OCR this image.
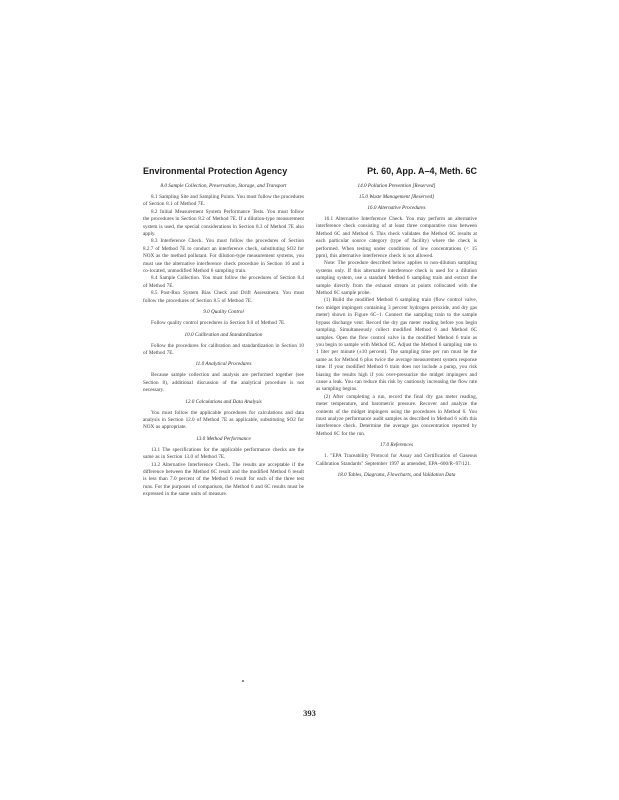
Environmental Protection Agency	Pt. 60, App. A–4, Meth. 6C
8.0 Sample Collection, Preservation, Storage, and Transport

8.1 Sampling Site and Sampling Points. You must follow the procedures of Section 8.1 of Method 7E.

8.2 Initial Measurement System Performance Tests. You must follow the procedures in Section 8.2 of Method 7E. If a dilution-type measurement system is used, the special considerations in Section 8.3 of Method 7E also apply.

8.3 Interference Check. You must follow the procedures of Section 8.2.7 of Method 7E to conduct an interference check, substituting SO2 for NOX as the method pollutant. For dilution-type measurement systems, you must use the alternative interference check procedure in Section 16 and a co-located, unmodified Method 6 sampling train.

8.4 Sample Collection. You must follow the procedures of Section 8.4 of Method 7E.

8.5 Post-Run System Bias Check and Drift Assessment. You must follow the procedures of Section 8.5 of Method 7E.

9.0 Quality Control

Follow quality control procedures in Section 9.0 of Method 7E.

10.0 Calibration and Standardization

Follow the procedures for calibration and standardization in Section 10 of Method 7E.

11.0 Analytical Procedures

Because sample collection and analysis are performed together (see Section 8), additional discussion of the analytical procedure is not necessary.

12.0 Calculations and Data Analysis

You must follow the applicable procedures for calculations and data analysis in Section 12.0 of Method 7E as applicable, substituting SO2 for NOX as appropriate.

13.0 Method Performance

13.1 The specifications for the applicable performance checks are the same as in Section 13.0 of Method 7E.

13.2 Alternative Interference Check. The results are acceptable if the difference between the Method 6C result and the modified Method 6 result is less than 7.0 percent of the Method 6 result for each of the three test runs. For the purposes of comparison, the Method 6 and 6C results must be expressed in the same units of measure.

14.0 Pollution Prevention [Reserved]
15.0 Waste Management [Reserved]
16.0 Alternative Procedures

16.1 Alternative Interference Check. You may perform an alternative interference check consisting of at least three comparative runs between Method 6C and Method 6. This check validates the Method 6C results at each particular source category (type of facility) where the check is performed. When testing under conditions of low concentrations (< 15 ppm), this alternative interference check is not allowed.

Note: The procedure described below applies to non-dilution sampling systems only. If this alternative interference check is used for a dilution sampling system, use a standard Method 6 sampling train and extract the sample directly from the exhaust stream at points collocated with the Method 6C sample probe.

(1) Build the modified Method 6 sampling train (flow control valve, two midget impingers containing 3 percent hydrogen peroxide, and dry gas meter) shown in Figure 6C–1. Connect the sampling train to the sample bypass discharge vent. Record the dry gas meter reading before you begin sampling. Simultaneously collect modified Method 6 and Method 6C samples. Open the flow control valve in the modified Method 6 train as you begin to sample with Method 6C. Adjust the Method 6 sampling rate to 1 liter per minute (±10 percent). The sampling time per run must be the same as for Method 6 plus twice the average measurement system response time. If your modified Method 6 train does not include a pump, you risk biasing the results high if you over-pressurize the midget impingers and cause a leak. You can reduce this risk by cautiously increasing the flow rate as sampling begins.

(2) After completing a run, record the final dry gas meter reading, meter temperature, and barometric pressure. Recover and analyze the contents of the midget impingers using the procedures in Method 6. You must analyze performance audit samples as described in Method 6 with this interference check. Determine the average gas concentration reported by Method 6C for the run.

17.0 References

1. "EPA Traceability Protocol for Assay and Certification of Gaseous Calibration Standards" September 1997 as amended, EPA–600/R–97/121.

18.0 Tables, Diagrams, Flowcharts, and Validation Data
393
